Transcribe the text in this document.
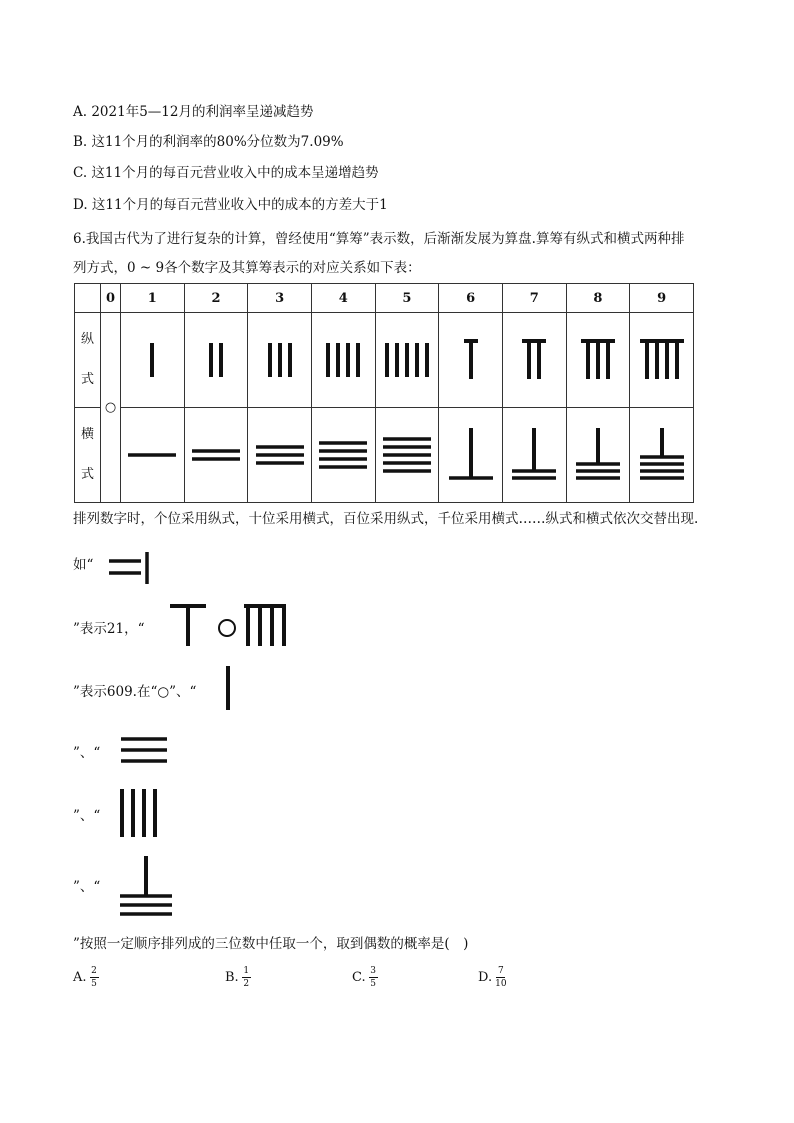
A. 2021年5—12月的利润率呈递减趋势
B. 这11个月的利润率的80%分位数为7.09%
C. 这11个月的每百元营业收入中的成本呈递增趋势
D. 这11个月的每百元营业收入中的成本的方差大于1
6.我国古代为了进行复杂的计算，曾经使用“算筹”表示数，后渐渐发展为算盘.算筹有纵式和横式两种排
列方式，0 ~ 9各个数字及其算筹表示的对应关系如下表：
	0	1	2	3	4	5	6	7	8	9

纵
式	○	

横
式

排列数字时，个位采用纵式，十位采用横式，百位采用纵式，千位采用横式……纵式和横式依次交替出现.
如“
”表示21，“
”表示609.在“○”、“
”、“
”、“
”、“
”按照一定顺序排列成的三位数中任取一个，取到偶数的概率是(　)
A. $\frac{2}{5}$	B. $\frac{1}{2}$	C. $\frac{3}{5}$	D. $\frac{7}{10}$
